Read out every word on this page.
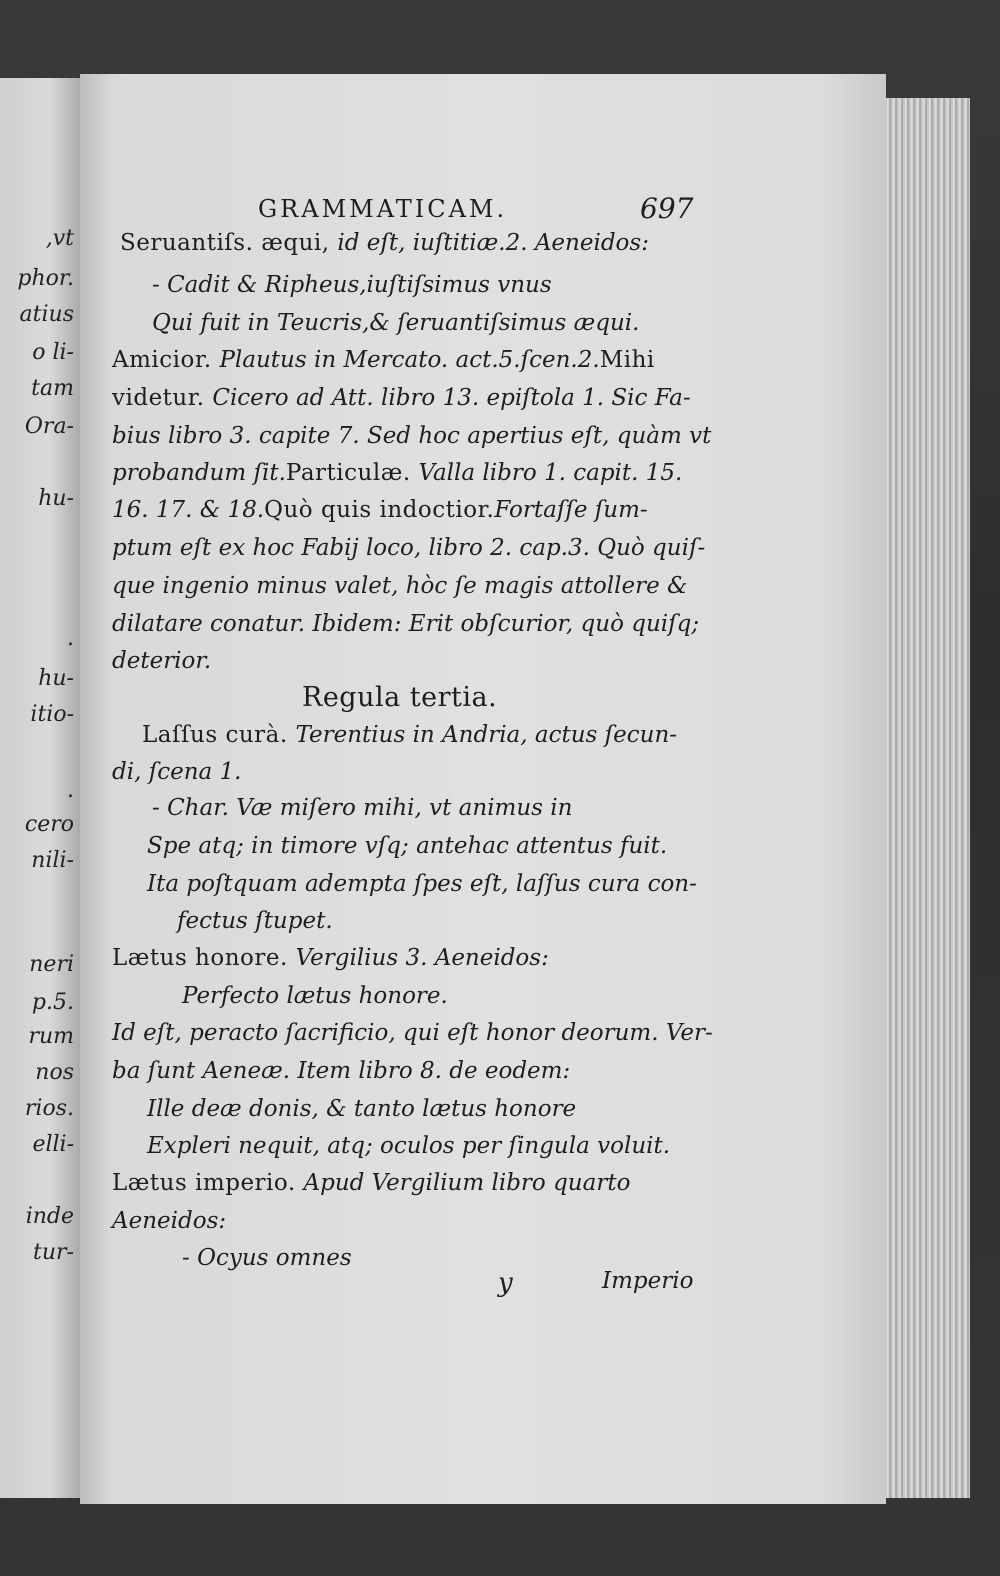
,vt
phor.
atius
o li-
tam
Ora-
hu-
.
hu-
itio-
.
cero
nili-
neri
p.5.
rum
nos
rios.
elli-
inde
tur-
GRAMMATICAM.	697
Seruantiſs. æqui, id eſt, iuſtitiæ.2. Aeneidos:
- Cadit & Ripheus,iuſtiſsimus vnus
Qui fuit in Teucris,& ſeruantiſsimus æqui.
Amicior. Plautus in Mercato. act.5.ſcen.2.Mihi
videtur. Cicero ad Att. libro 13. epiſtola 1. Sic Fa-
bius libro 3. capite 7. Sed hoc apertius eſt, quàm vt
probandum ſit.Particulæ. Valla libro 1. capit. 15.
16. 17. & 18.Quò quis indoctior.Fortaſſe ſum-
ptum eſt ex hoc Fabij loco, libro 2. cap.3. Quò quiſ-
que ingenio minus valet, hòc ſe magis attollere &
dilatare conatur. Ibidem: Erit obſcurior, quò quiſq;
deterior.
Regula tertia.
Laſſus curà. Terentius in Andria, actus ſecun-
di, ſcena 1.
- Char. Væ miſero mihi, vt animus in
Spe atq; in timore vſq; antehac attentus fuit.
Ita poſtquam adempta ſpes eſt, laſſus cura con-
fectus ſtupet.
Lætus honore. Vergilius 3. Aeneidos:
Perfecto lætus honore.
Id eſt, peracto ſacrificio, qui eſt honor deorum. Ver-
ba ſunt Aeneæ. Item libro 8. de eodem:
Ille deæ donis, & tanto lætus honore
Expleri nequit, atq; oculos per ſingula voluit.
Lætus imperio. Apud Vergilium libro quarto
Aeneidos:
- Ocyus omnes
y	Imperio
